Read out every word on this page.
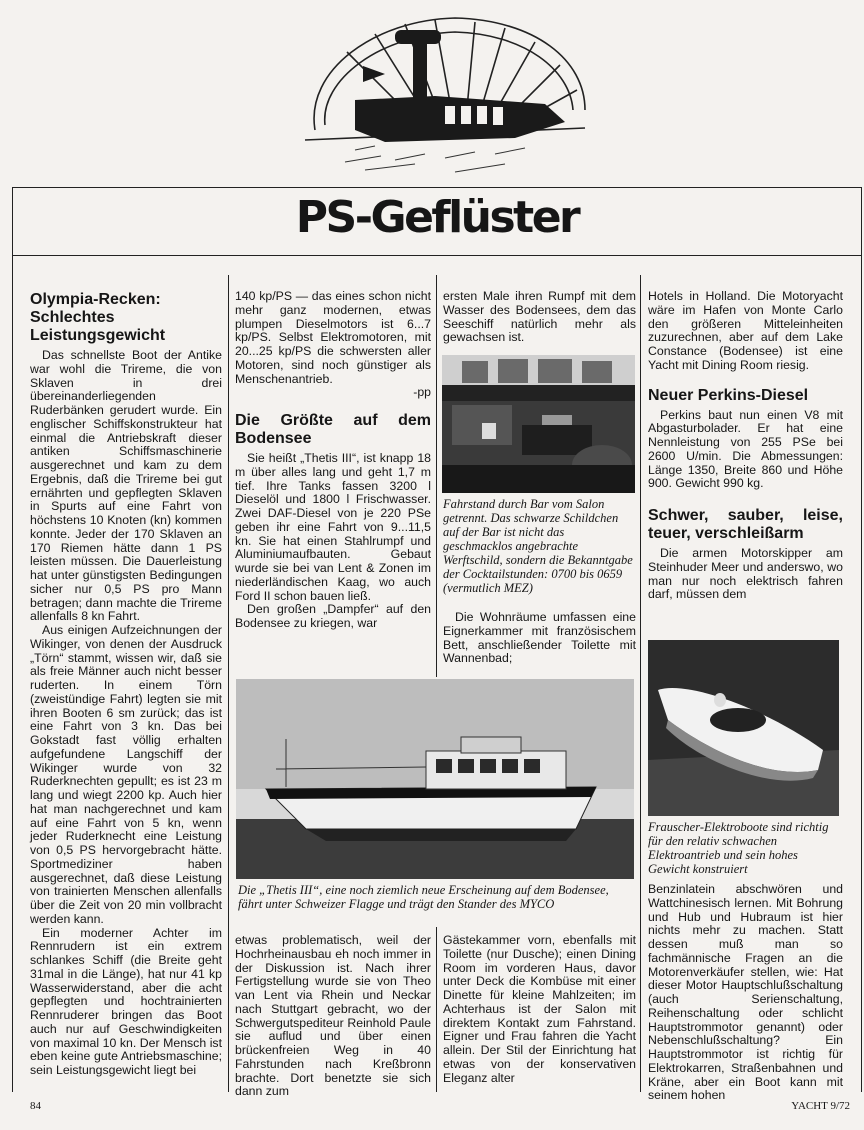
PS-Geflüster
Olympia-Recken: Schlechtes Leistungsgewicht

Das schnellste Boot der Antike war wohl die Trireme, die von Sklaven in drei übereinanderliegenden Ruderbänken gerudert wurde. Ein englischer Schiffskonstrukteur hat einmal die Antriebskraft dieser antiken Schiffsmaschinerie ausgerechnet und kam zu dem Ergebnis, daß die Trireme bei gut ernährten und gepflegten Sklaven in Spurts auf eine Fahrt von höchstens 10 Knoten (kn) kommen konnte. Jeder der 170 Sklaven an 170 Riemen hätte dann 1 PS leisten müssen. Die Dauerleistung hat unter günstigsten Bedingungen sicher nur 0,5 PS pro Mann betragen; dann machte die Trireme allenfalls 8 kn Fahrt.

Aus einigen Aufzeichnungen der Wikinger, von denen der Ausdruck „Törn“ stammt, wissen wir, daß sie als freie Männer auch nicht besser ruderten. In einem Törn (zweistündige Fahrt) legten sie mit ihren Booten 6 sm zurück; das ist eine Fahrt von 3 kn. Das bei Gokstadt fast völlig erhalten aufgefundene Langschiff der Wikinger wurde von 32 Ruderknechten gepullt; es ist 23 m lang und wiegt 2200 kp. Auch hier hat man nachgerechnet und kam auf eine Fahrt von 5 kn, wenn jeder Ruderknecht eine Leistung von 0,5 PS hervorgebracht hätte. Sportmediziner haben ausgerechnet, daß diese Leistung von trainierten Menschen allenfalls über die Zeit von 20 min vollbracht werden kann.

Ein moderner Achter im Rennrudern ist ein extrem schlankes Schiff (die Breite geht 31mal in die Länge), hat nur 41 kp Wasserwiderstand, aber die acht gepflegten und hochtrainierten Rennruderer bringen das Boot auch nur auf Geschwindigkeiten von maximal 10 kn. Der Mensch ist eben keine gute Antriebsmaschine; sein Leistungsgewicht liegt bei

140 kp/PS — das eines schon nicht mehr ganz modernen, etwas plumpen Dieselmotors ist 6...7 kp/PS. Selbst Elektromotoren, mit 20...25 kp/PS die schwersten aller Motoren, sind noch günstiger als Menschenantrieb.

-pp

Die Größte auf dem Bodensee

Sie heißt „Thetis III“, ist knapp 18 m über alles lang und geht 1,7 m tief. Ihre Tanks fassen 3200 l Dieselöl und 1800 l Frischwasser. Zwei DAF-Diesel von je 220 PSe geben ihr eine Fahrt von 9...11,5 kn. Sie hat einen Stahlrumpf und Aluminiumaufbauten. Gebaut wurde sie bei van Lent & Zonen im niederländischen Kaag, wo auch Ford II schon bauen ließ.

Den großen „Dampfer“ auf den Bodensee zu kriegen, war

ersten Male ihren Rumpf mit dem Wasser des Bodensees, dem das Seeschiff natürlich mehr als gewachsen ist.

Fahrstand durch Bar vom Salon getrennt. Das schwarze Schildchen auf der Bar ist nicht das geschmacklos angebrachte Werftschild, sondern die Bekanntgabe der Cocktailstunden: 0700 bis 0659 (vermutlich MEZ)

Die Wohnräume umfassen eine Eignerkammer mit französischem Bett, anschließender Toilette mit Wannenbad;

Die „Thetis III“, eine noch ziemlich neue Erscheinung auf dem Bodensee, fährt unter Schweizer Flagge und trägt den Stander des MYCO

etwas problematisch, weil der Hochrheinausbau eh noch immer in der Diskussion ist. Nach ihrer Fertigstellung wurde sie von Theo van Lent via Rhein und Neckar nach Stuttgart gebracht, wo der Schwergutspediteur Reinhold Paule sie auflud und über einen brückenfreien Weg in 40 Fahrstunden nach Kreßbronn brachte. Dort benetzte sie sich dann zum

Gästekammer vorn, ebenfalls mit Toilette (nur Dusche); einen Dining Room im vorderen Haus, davor unter Deck die Kombüse mit einer Dinette für kleine Mahlzeiten; im Achterhaus ist der Salon mit direktem Kontakt zum Fahrstand. Eigner und Frau fahren die Yacht allein. Der Stil der Einrichtung hat etwas von der konservativen Eleganz alter

Hotels in Holland. Die Motoryacht wäre im Hafen von Monte Carlo den größeren Mitteleinheiten zuzurechnen, aber auf dem Lake Constance (Bodensee) ist eine Yacht mit Dining Room riesig.

Neuer Perkins-Diesel

Perkins baut nun einen V8 mit Abgasturbolader. Er hat eine Nennleistung von 255 PSe bei 2600 U/min. Die Abmessungen: Länge 1350, Breite 860 und Höhe 900. Gewicht 990 kg.

Schwer, sauber, leise, teuer, verschleißarm

Die armen Motorskipper am Steinhuder Meer und anderswo, wo man nur noch elektrisch fahren darf, müssen dem

Frauscher-Elektroboote sind richtig für den relativ schwachen Elektroantrieb und sein hohes Gewicht konstruiert

Benzinlatein abschwören und Wattchinesisch lernen. Mit Bohrung und Hub und Hubraum ist hier nichts mehr zu machen. Statt dessen muß man so fachmännische Fragen an die Motorenverkäufer stellen, wie: Hat dieser Motor Hauptschlußschaltung (auch Serienschaltung, Reihenschaltung oder schlicht Hauptstrommotor genannt) oder Nebenschlußschaltung? Ein Hauptstrommotor ist richtig für Elektrokarren, Straßenbahnen und Kräne, aber ein Boot kann mit seinem hohen

84	YACHT 9/72
